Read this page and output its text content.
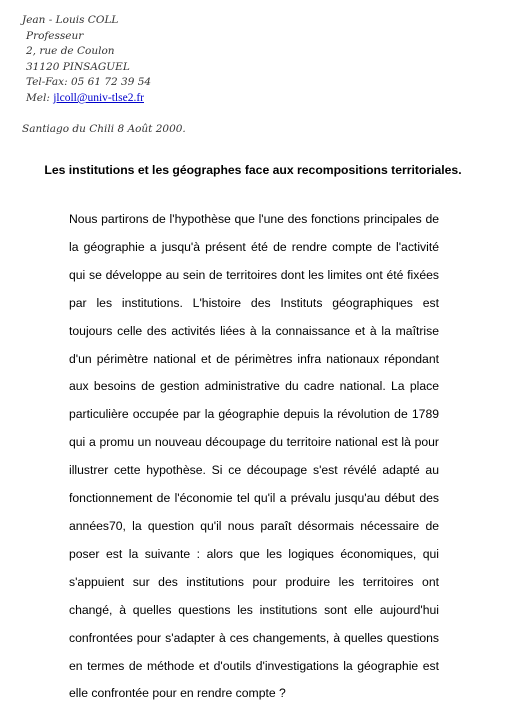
Jean - Louis COLL
Professeur
2, rue de Coulon
31120 PINSAGUEL
Tel-Fax: 05 61 72 39 54
Mel: jlcoll@univ-tlse2.fr
Santiago du Chili 8 Août 2000.
Les institutions et les géographes face aux recompositions territoriales.

Nous partirons de l'hypothèse que l'une des fonctions principales de la géographie a jusqu'à présent été de rendre compte de l'activité qui se développe au sein de territoires dont les limites ont été fixées par les institutions. L'histoire des Instituts géographiques est toujours celle des activités liées à la connaissance et à la maîtrise d'un périmètre national et de périmètres infra nationaux répondant aux besoins de gestion administrative du cadre national. La place particulière occupée par la géographie depuis la révolution de 1789 qui a promu un nouveau découpage du territoire national est là pour illustrer cette hypothèse. Si ce découpage s'est révélé adapté au fonctionnement de l'économie tel qu'il a prévalu jusqu'au début des années70, la question qu'il nous paraît désormais nécessaire de poser est la suivante : alors que les logiques économiques, qui s'appuient sur des institutions pour produire les territoires ont changé, à quelles questions les institutions sont elle aujourd'hui confrontées pour s'adapter à ces changements, à quelles questions en termes de méthode et d'outils d'investigations la géographie est elle confrontée pour en rendre compte ?
